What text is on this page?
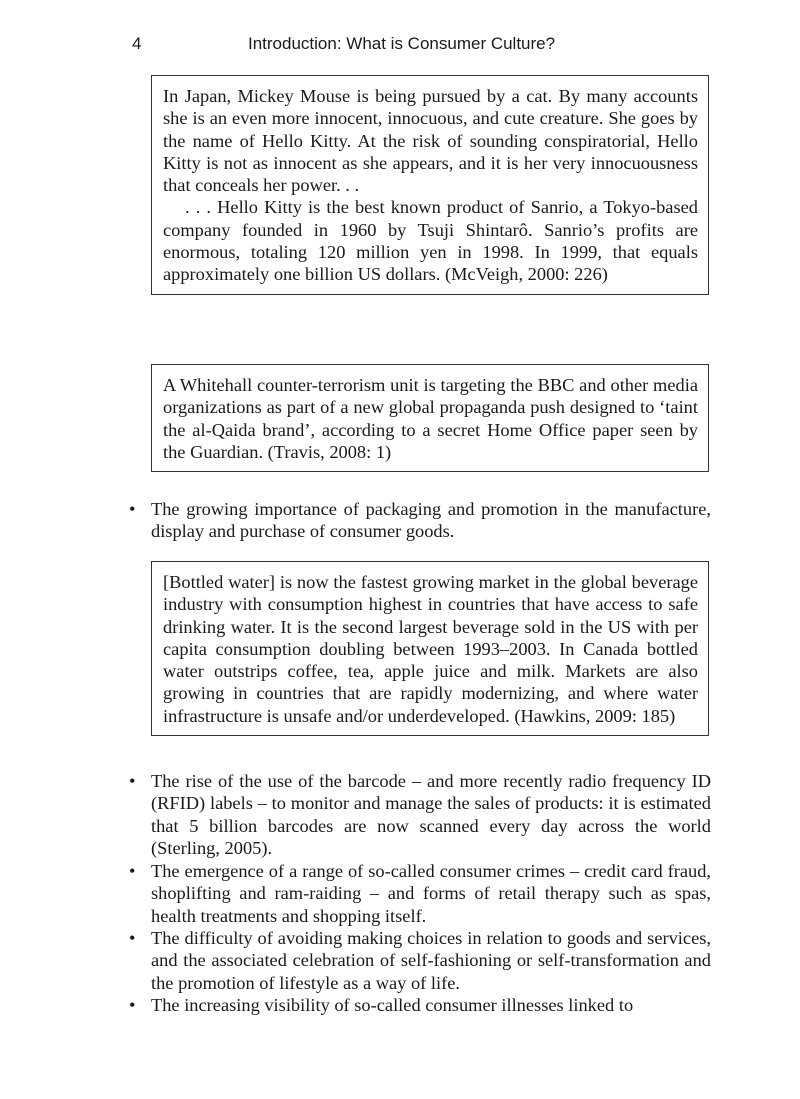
4	Introduction: What is Consumer Culture?

In Japan, Mickey Mouse is being pursued by a cat. By many accounts she is an even more innocent, innocuous, and cute creature. She goes by the name of Hello Kitty. At the risk of sounding conspiratorial, Hello Kitty is not as innocent as she appears, and it is her very innocuousness that conceals her power. . .

. . . Hello Kitty is the best known product of Sanrio, a Tokyo-based company founded in 1960 by Tsuji Shintarô. Sanrio’s profits are enormous, totaling 120 million yen in 1998. In 1999, that equals approximately one billion US dollars. (McVeigh, 2000: 226)

A Whitehall counter-terrorism unit is targeting the BBC and other media organizations as part of a new global propaganda push designed to ‘taint the al-Qaida brand’, according to a secret Home Office paper seen by the Guardian. (Travis, 2008: 1)

• The growing importance of packaging and promotion in the manufacture, display and purchase of consumer goods.

[Bottled water] is now the fastest growing market in the global beverage industry with consumption highest in countries that have access to safe drinking water. It is the second largest beverage sold in the US with per capita consumption doubling between 1993–2003. In Canada bottled water outstrips coffee, tea, apple juice and milk. Markets are also growing in countries that are rapidly modernizing, and where water infrastructure is unsafe and/or underdeveloped. (Hawkins, 2009: 185)

• The rise of the use of the barcode – and more recently radio frequency ID (RFID) labels – to monitor and manage the sales of products: it is estimated that 5 billion barcodes are now scanned every day across the world (Sterling, 2005).
• The emergence of a range of so-called consumer crimes – credit card fraud, shoplifting and ram-raiding – and forms of retail therapy such as spas, health treatments and shopping itself.
• The difficulty of avoiding making choices in relation to goods and services, and the associated celebration of self-fashioning or self-transformation and the promotion of lifestyle as a way of life.
• The increasing visibility of so-called consumer illnesses linked to
